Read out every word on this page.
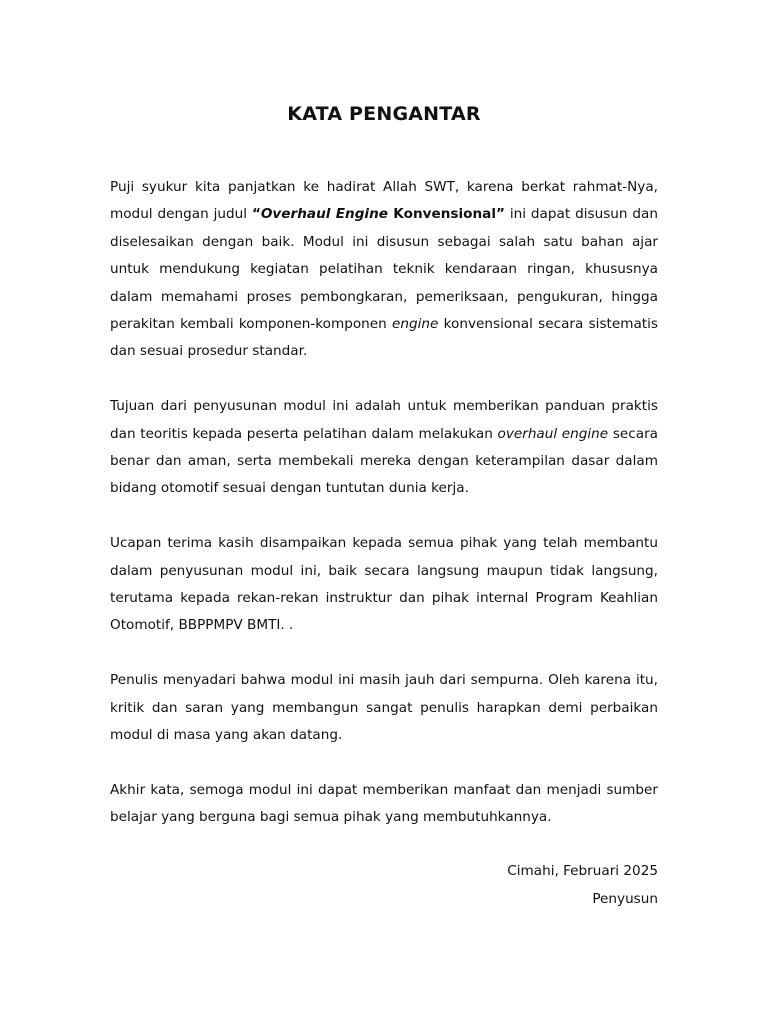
KATA PENGANTAR

Puji syukur kita panjatkan ke hadirat Allah SWT, karena berkat rahmat-Nya, modul dengan judul “Overhaul Engine Konvensional” ini dapat disusun dan diselesaikan dengan baik. Modul ini disusun sebagai salah satu bahan ajar untuk mendukung kegiatan pelatihan teknik kendaraan ringan, khususnya dalam memahami proses pembongkaran, pemeriksaan, pengukuran, hingga perakitan kembali komponen-komponen engine konvensional secara sistematis dan sesuai prosedur standar.

Tujuan dari penyusunan modul ini adalah untuk memberikan panduan praktis dan teoritis kepada peserta pelatihan dalam melakukan overhaul engine secara benar dan aman, serta membekali mereka dengan keterampilan dasar dalam bidang otomotif sesuai dengan tuntutan dunia kerja.

Ucapan terima kasih disampaikan kepada semua pihak yang telah membantu dalam penyusunan modul ini, baik secara langsung maupun tidak langsung, terutama kepada rekan-rekan instruktur dan pihak internal Program Keahlian Otomotif, BBPPMPV BMTI. .

Penulis menyadari bahwa modul ini masih jauh dari sempurna. Oleh karena itu, kritik dan saran yang membangun sangat penulis harapkan demi perbaikan modul di masa yang akan datang.

Akhir kata, semoga modul ini dapat memberikan manfaat dan menjadi sumber belajar yang berguna bagi semua pihak yang membutuhkannya.

Cimahi, Februari 2025
Penyusun
